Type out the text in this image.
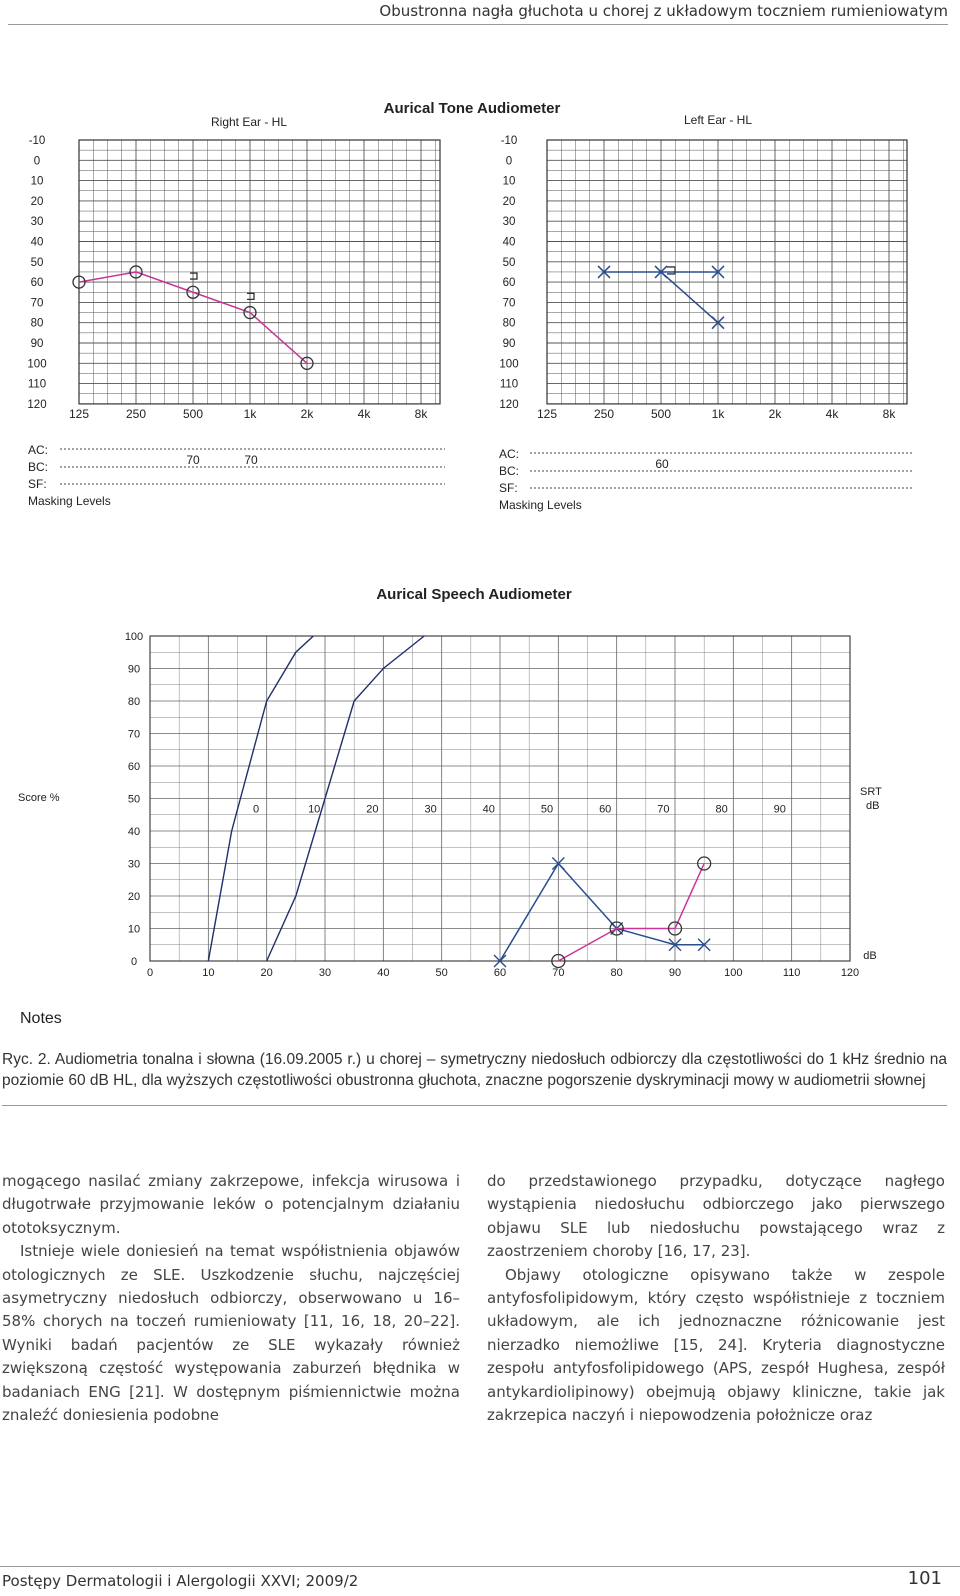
Obustronna nagła głuchota u chorej z układowym toczniem rumieniowatym
Aurical Tone Audiometer
Right Ear - HL	Left Ear - HL
-10
0
10
20
30
40
50
60
70
80
90
100
110
120
125	250	500	1k	2k	4k	8k
-10
0
10
20
30
40
50
60
70
80
90
100
110
120
125	250	500	1k	2k	4k	8k
AC:
BC:
SF:
Masking Levels
70	70	AC:
BC:
SF:
Masking Levels
60
Aurical Speech Audiometer
Score %	SRT
dB
100
90
80
70
60
50
40
30
20
10
0
0	10	20	30	40	50	60	70	80	90	100	110	120
dB
0	10	20	30	40	50	60	70	80	90
Notes
Ryc. 2. Audiometria tonalna i słowna (16.09.2005 r.) u chorej – symetryczny niedosłuch odbiorczy dla częstotliwości do 1 kHz średnio na poziomie 60 dB HL, dla wyższych częstotliwości obustronna głuchota, znaczne pogorszenie dyskryminacji mowy w audiometrii słownej

mogącego nasilać zmiany zakrzepowe, infekcja wirusowa i długotrwałe przyjmowanie leków o potencjalnym działaniu ototoksycznym.

Istnieje wiele doniesień na temat współistnienia objawów otologicznych ze SLE. Uszkodzenie słuchu, najczęściej asymetryczny niedosłuch odbiorczy, obserwowano u 16–58% chorych na toczeń rumieniowaty [11, 16, 18, 20–22]. Wyniki badań pacjentów ze SLE wykazały również zwiększoną częstość występowania zaburzeń błędnika w badaniach ENG [21]. W dostępnym piśmiennictwie można znaleźć doniesienia podobne

do przedstawionego przypadku, dotyczące nagłego wystąpienia niedosłuchu odbiorczego jako pierwszego objawu SLE lub niedosłuchu powstającego wraz z zaostrzeniem choroby [16, 17, 23].

Objawy otologiczne opisywano także w zespole antyfosfolipidowym, który często współistnieje z toczniem układowym, ale ich jednoznaczne różnicowanie jest nierzadko niemożliwe [15, 24]. Kryteria diagnostyczne zespołu antyfosfolipidowego (APS, zespół Hughesa, zespół antykardiolipinowy) obejmują objawy kliniczne, takie jak zakrzepica naczyń i niepowodzenia położnicze oraz

Postępy Dermatologii i Alergologii XXVI; 2009/2	101
